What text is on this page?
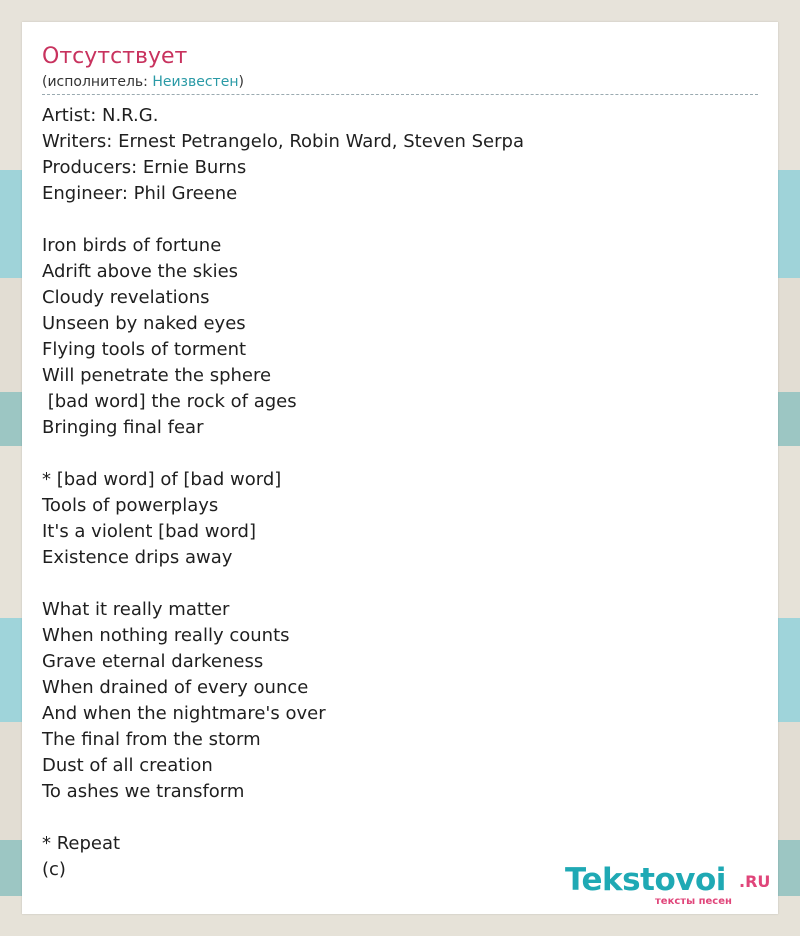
Отсутствует
(исполнитель: Неизвестен)
Artist: N.R.G.
Writers: Ernest Petrangelo, Robin Ward, Steven Serpa
Producers: Ernie Burns
Engineer: Phil Greene
Iron birds of fortune
Adrift above the skies
Cloudy revelations
Unseen by naked eyes
Flying tools of torment
Will penetrate the sphere
[bad word] the rock of ages
Bringing final fear
* [bad word] of [bad word]
Tools of powerplays
It's a violent [bad word]
Existence drips away
What it really matter
When nothing really counts
Grave eternal darkeness
When drained of every ounce
And when the nightmare's over
The final from the storm
Dust of all creation
To ashes we transform
* Repeat
(c)	Tekstovoi .RU
тексты песен
